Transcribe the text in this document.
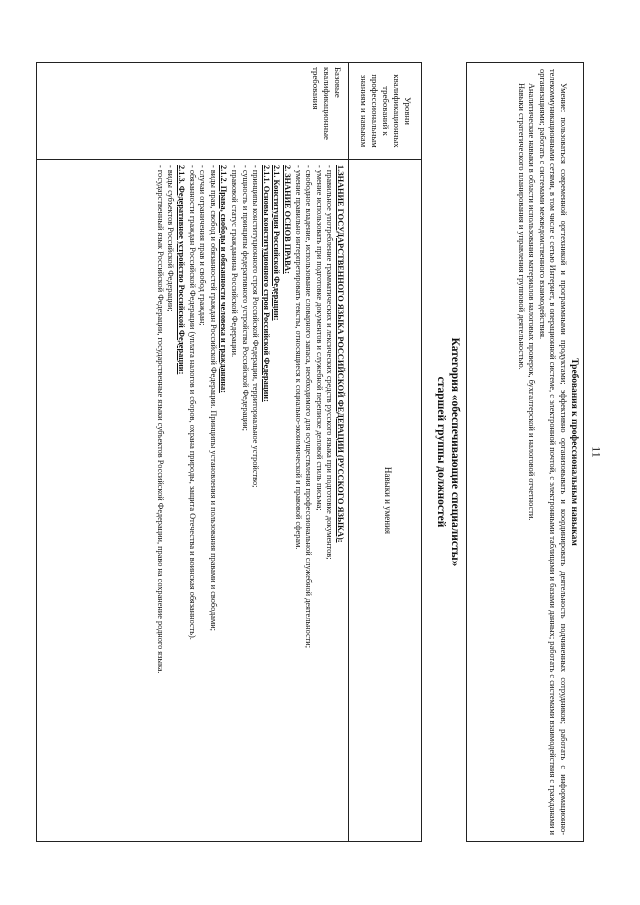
11
Требования к профессиональным навыкам

Умение: пользоваться современной оргтехникой и программными продуктами; эффективно организовывать и координировать деятельность подчиненных сотрудников; работать с информационно-телекоммуникационными сетями, в том числе с сетью Интернет, в операционной системе, с электронной почтой, с электронными таблицами и базами данных; работать с системами взаимодействия с гражданами и организациями; работать с системами межведомственного взаимодействия.

Аналитические навыки в области использования материалов налоговых проверок, бухгалтерской и налоговой отчетности.

Навыки стратегического планирования и управления групповой деятельностью.

Категория «обеспечивающие специалисты»
старшей группы должностей
Уровни квалификационных требований к профессиональным знаниям и навыкам
Навыки и умения
Базовые квалификационные требования
1.ЗНАНИЕ ГОСУДАРСТВЕННОГО ЯЗЫКА РОССИЙСКОЙ ФЕДЕРАЦИИ (РУССКОГО ЯЗЫКА):
- правильное употребление грамматических и лексических средств русского языка при подготовке документов;
- умение использовать при подготовке документов и служебной переписке деловой стиль письма;
- свободное владение, использование словарного запаса, необходимого для осуществления профессиональной служебной деятельности;
- умение правильно интерпретировать тексты, относящиеся к социально-экономической и правовой сферам.
2. ЗНАНИЕ ОСНОВ ПРАВА:
2.1. Конституция Российской Федерации:
2.1.1. Основы конституционного строя Российской Федерации:
- принципы конституционного строя Российской Федерации, территориальное устройство;
- сущность и принципы федеративного устройства Российской Федерации;
- правовой статус гражданина Российской Федерации.
2.1.2. Права, свободы и обязанности человека и гражданина:
- виды прав, свобод и обязанностей граждан Российской Федерации. Принципы установления и пользования правами и свободами;
- случаи ограничения прав и свобод граждан;
- обязанности граждан Российской Федерации (уплата налогов и сборов, охрана природы, защита Отечества и воинская обязанность).
2.1.3. Федеративное устройство Российской Федерации:
- виды субъектов Российской Федерации;
- государственный язык Российской Федерации, государственные языки субъектов Российской Федерации, право на сохранение родного языка.
